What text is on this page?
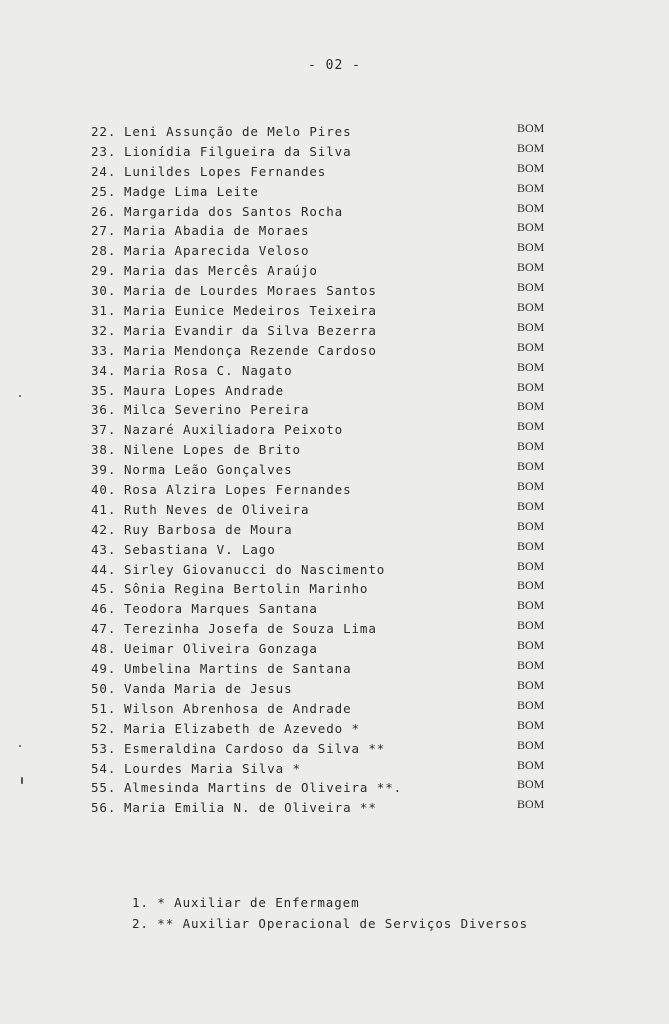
- 02 -
22. Leni Assunção de Melo Pires	BOM
23. Lionídia Filgueira da Silva	BOM
24. Lunildes Lopes Fernandes	BOM
25. Madge Lima Leite	BOM
26. Margarida dos Santos Rocha	BOM
27. Maria Abadia de Moraes	BOM
28. Maria Aparecida Veloso	BOM
29. Maria das Mercês Araújo	BOM
30. Maria de Lourdes Moraes Santos	BOM
31. Maria Eunice Medeiros Teixeira	BOM
32. Maria Evandir da Silva Bezerra	BOM
33. Maria Mendonça Rezende Cardoso	BOM
34. Maria Rosa C. Nagato	BOM
35. Maura Lopes Andrade	BOM
36. Milca Severino Pereira	BOM
37. Nazaré Auxiliadora Peixoto	BOM
38. Nilene Lopes de Brito	BOM
39. Norma Leão Gonçalves	BOM
40. Rosa Alzira Lopes Fernandes	BOM
41. Ruth Neves de Oliveira	BOM
42. Ruy Barbosa de Moura	BOM
43. Sebastiana V. Lago	BOM
44. Sirley Giovanucci do Nascimento	BOM
45. Sônia Regina Bertolin Marinho	BOM
46. Teodora Marques Santana	BOM
47. Terezinha Josefa de Souza Lima	BOM
48. Ueimar Oliveira Gonzaga	BOM
49. Umbelina Martins de Santana	BOM
50. Vanda Maria de Jesus	BOM
51. Wilson Abrenhosa de Andrade	BOM
52. Maria Elizabeth de Azevedo *	BOM
53. Esmeraldina Cardoso da Silva **	BOM
54. Lourdes Maria Silva *	BOM
55. Almesinda Martins de Oliveira **.	BOM
56. Maria Emilia N. de Oliveira **	BOM
1. * Auxiliar de Enfermagem
2. ** Auxiliar Operacional de Serviços Diversos
